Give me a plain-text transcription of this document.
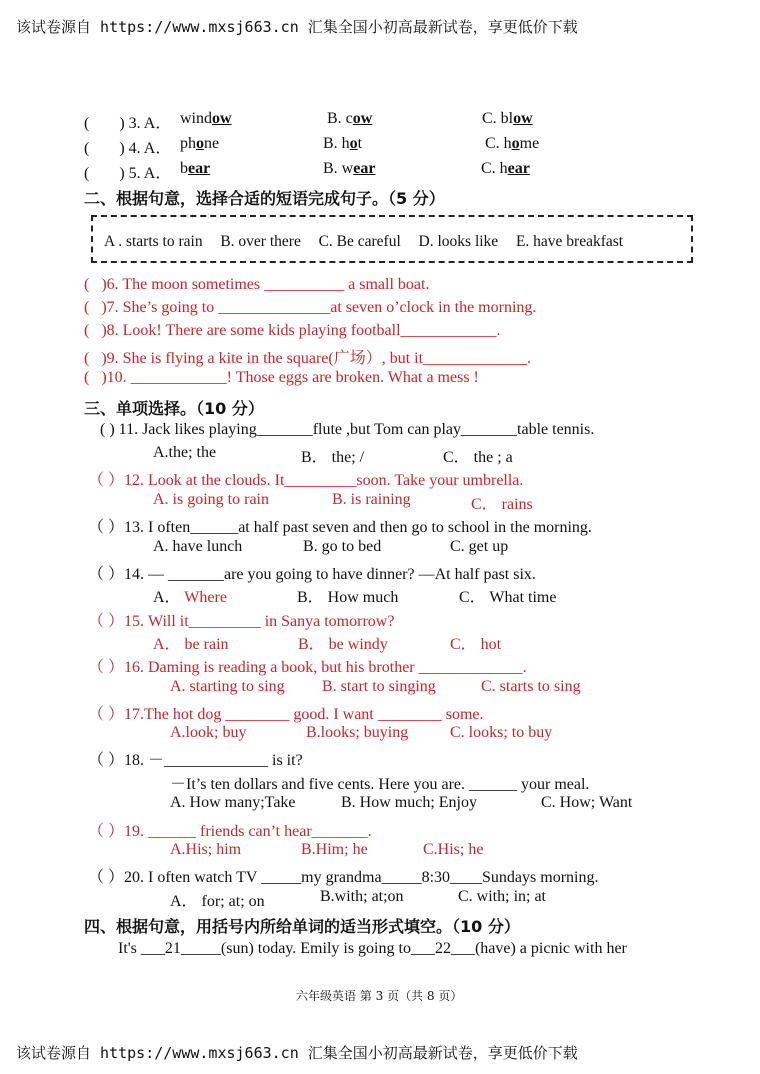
该试卷源自 https://www.mxsj663.cn 汇集全国小初高最新试卷，享更低价下载
( ) 3. A． window	B. cow	C. blow
( ) 4. A． phone	B. hot	C. home
( ) 5. A． bear	B. wear	C. hear
二、根据句意，选择合适的短语完成句子。（5 分）
A . starts to rain B. over there C. Be careful D. looks like E. have breakfast
( )6. The moon sometimes __________ a small boat.
( )7. She’s going to ______________at seven o’clock in the morning.
( )8. Look! There are some kids playing football____________.
( )9. She is flying a kite in the square(广场）, but it_____________.
( )10. ____________! Those eggs are broken. What a mess !
三、单项选择。（10 分）
( ) 11. Jack likes playing_______flute ,but Tom can play_______table tennis.
A.the; the	B． the; /	C． the ; a
（ ）12. Look at the clouds. It_________soon. Take your umbrella.
A. is going to rain	B. is raining	C． rains
（ ）13. I often______at half past seven and then go to school in the morning.
A. have lunch	B. go to bed	C. get up
（ ）14. — _______are you going to have dinner? —At half past six.
A． Where	B． How much	C． What time
（ ）15. Will it_________ in Sanya tomorrow?
A． be rain	B． be windy	C． hot
（ ）16. Daming is reading a book, but his brother _____________.
A. starting to sing B. start to singing	C. starts to sing
（ ）17.The hot dog ________ good. I want ________ some.
A.look; buy	B.looks; buying	C. looks; to buy
（ ）18. －_____________ is it?
－It’s ten dollars and five cents. Here you are. ______ your meal.
A. How many;Take	B. How much; Enjoy	C. How; Want
（ ）19. ______ friends can’t hear_______.
A.His; him	B.Him; he	C.His; he
（ ）20. I often watch TV _____my grandma_____8:30____Sundays morning.
A． for; at; on	B.with; at;on	C. with; in; at
四、根据句意，用括号内所给单词的适当形式填空。（10 分）
It's ___21_____(sun) today. Emily is going to___22___(have) a picnic with her
六年级英语 第 3 页（共 8 页）
该试卷源自 https://www.mxsj663.cn 汇集全国小初高最新试卷，享更低价下载
